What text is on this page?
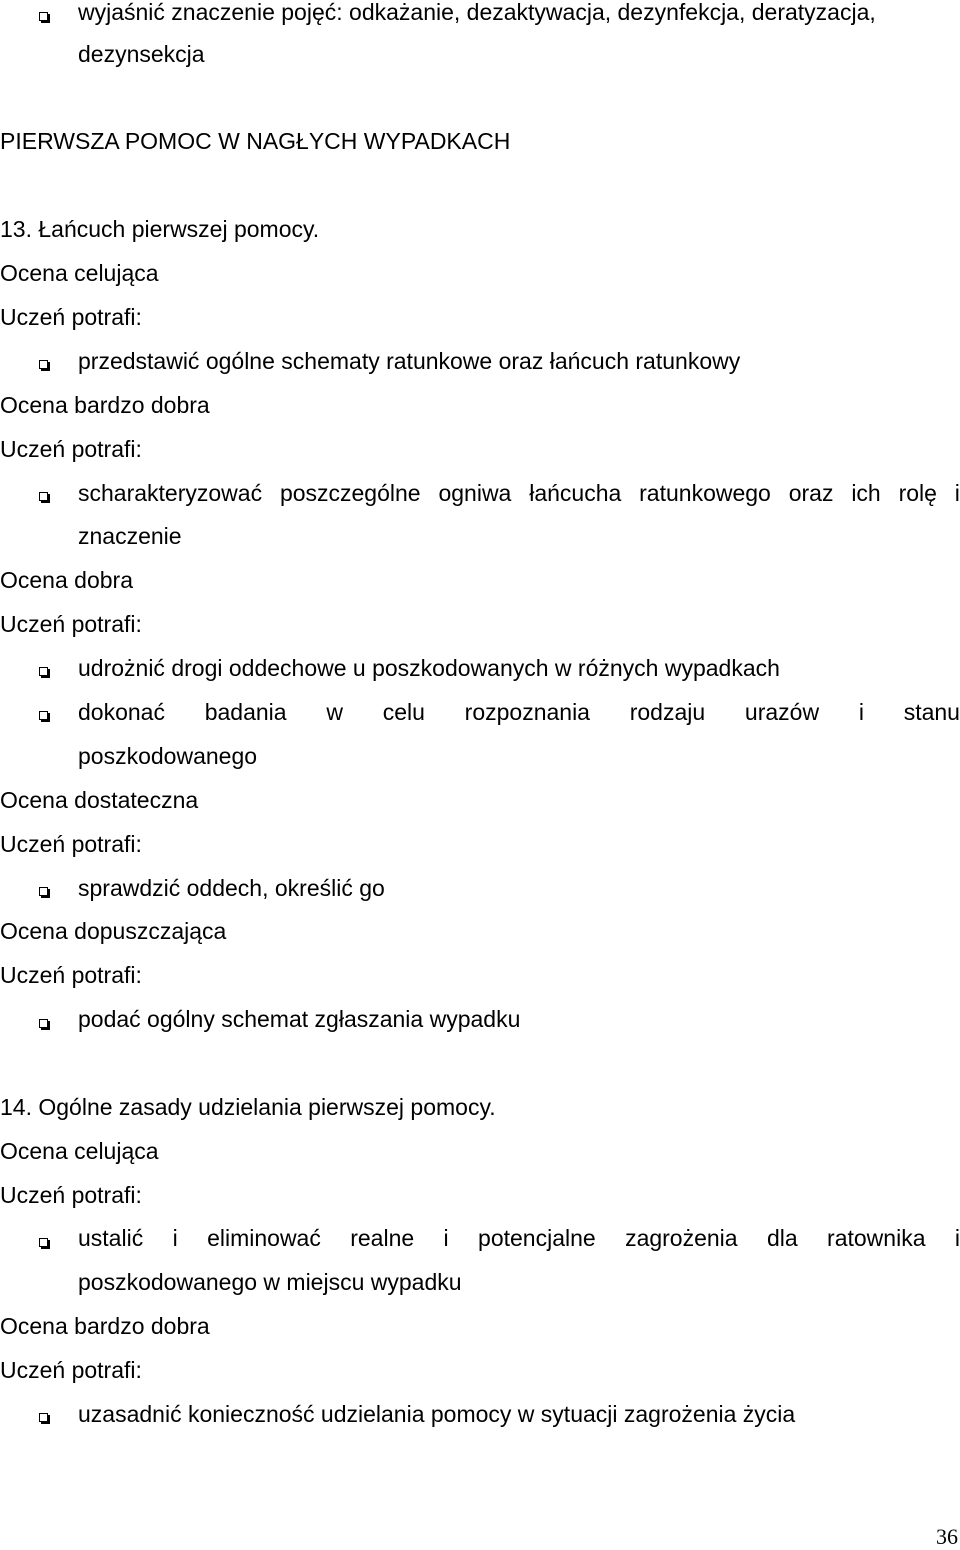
wyjaśnić znaczenie pojęć: odkażanie, dezaktywacja, dezynfekcja, deratyzacja,
dezynsekcja
PIERWSZA POMOC W NAGŁYCH WYPADKACH
13. Łańcuch pierwszej pomocy.
Ocena celująca
Uczeń potrafi:
przedstawić ogólne schematy ratunkowe oraz łańcuch ratunkowy
Ocena bardzo dobra
Uczeń potrafi:
scharakteryzować poszczególne ogniwa łańcucha ratunkowego oraz ich rolę i
znaczenie
Ocena dobra
Uczeń potrafi:
udrożnić drogi oddechowe u poszkodowanych w różnych wypadkach
dokonać badania w celu rozpoznania rodzaju urazów i stanu
poszkodowanego
Ocena dostateczna
Uczeń potrafi:
sprawdzić oddech, określić go
Ocena dopuszczająca
Uczeń potrafi:
podać ogólny schemat zgłaszania wypadku
14. Ogólne zasady udzielania pierwszej pomocy.
Ocena celująca
Uczeń potrafi:
ustalić i eliminować realne i potencjalne zagrożenia dla ratownika i
poszkodowanego w miejscu wypadku
Ocena bardzo dobra
Uczeń potrafi:
uzasadnić konieczność udzielania pomocy w sytuacji zagrożenia życia
36
